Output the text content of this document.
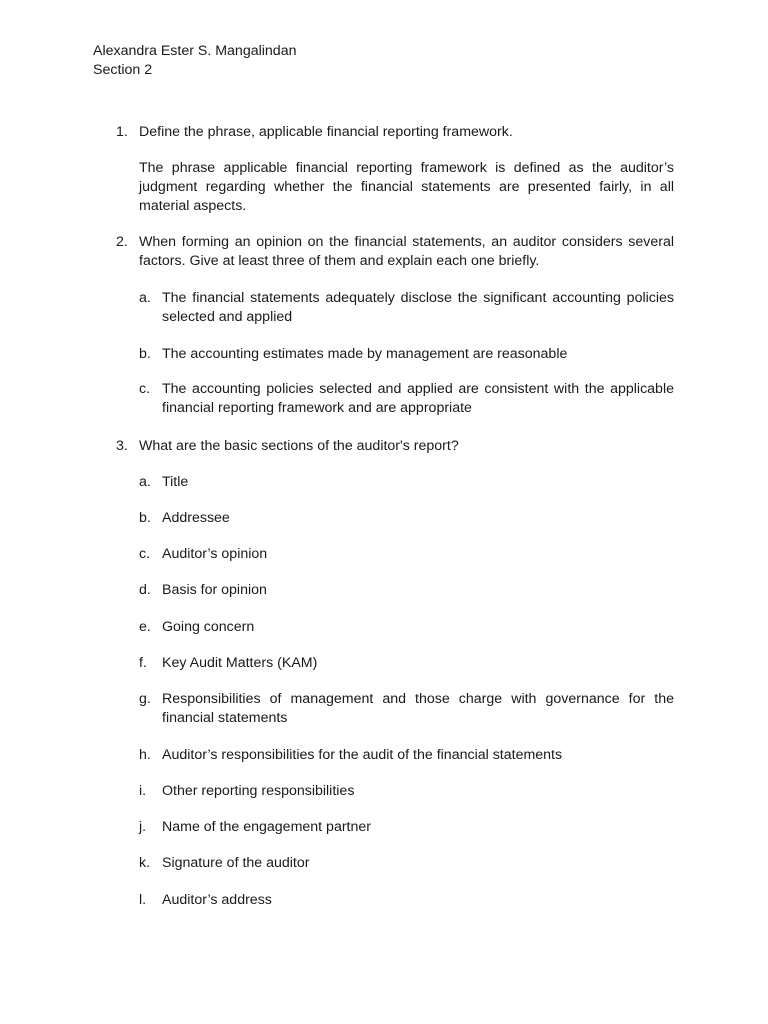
Alexandra Ester S. Mangalindan
Section 2
1. Define the phrase, applicable financial reporting framework.
The phrase applicable financial reporting framework is defined as the auditor’s judgment regarding whether the financial statements are presented fairly, in all material aspects.
2. When forming an opinion on the financial statements, an auditor considers several factors. Give at least three of them and explain each one briefly.
a. The financial statements adequately disclose the significant accounting policies selected and applied
b. The accounting estimates made by management are reasonable
c. The accounting policies selected and applied are consistent with the applicable financial reporting framework and are appropriate
3. What are the basic sections of the auditor's report?
a. Title
b. Addressee
c. Auditor’s opinion
d. Basis for opinion
e. Going concern
f.	Key Audit Matters (KAM)
g. Responsibilities of management and those charge with governance for the financial statements
h. Auditor’s responsibilities for the audit of the financial statements
i.	Other reporting responsibilities
j.	Name of the engagement partner
k. Signature of the auditor
l.	Auditor’s address
